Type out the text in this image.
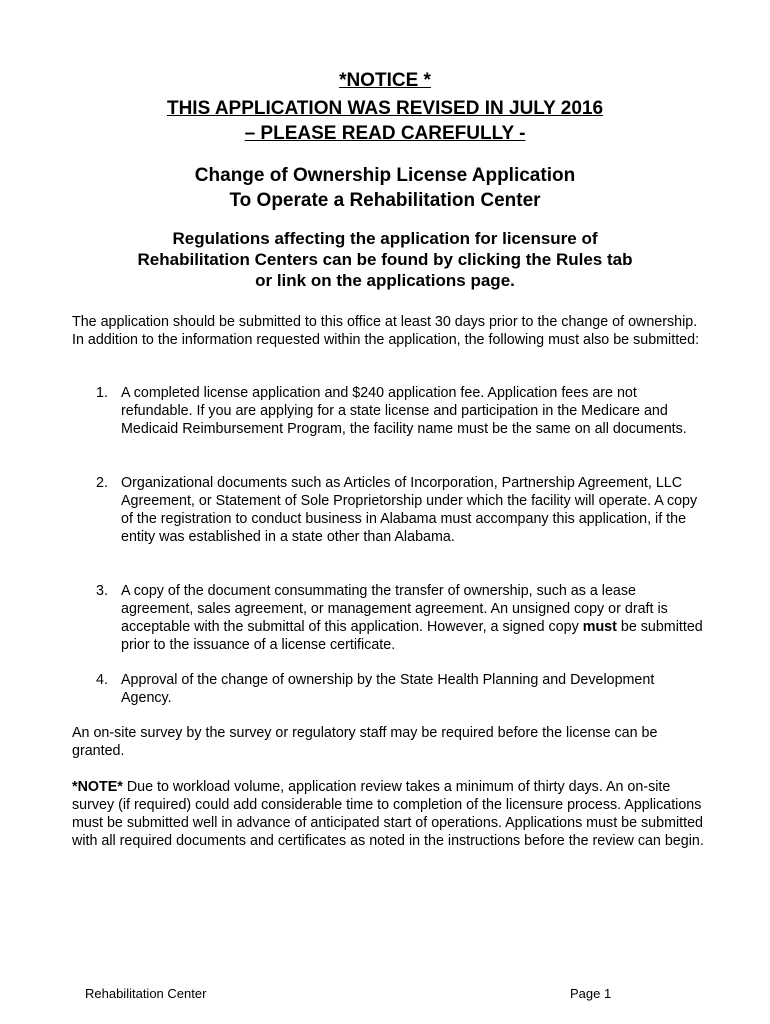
*NOTICE *
THIS APPLICATION WAS REVISED IN JULY 2016
– PLEASE READ CAREFULLY -
Change of Ownership License Application
To Operate a Rehabilitation Center
Regulations affecting the application for licensure of
Rehabilitation Centers can be found by clicking the Rules tab
or link on the applications page.
The application should be submitted to this office at least 30 days prior to the change of ownership. In addition to the information requested within the application, the following must also be submitted:
1. A completed license application and $240 application fee. Application fees are not refundable. If you are applying for a state license and participation in the Medicare and Medicaid Reimbursement Program, the facility name must be the same on all documents.
2. Organizational documents such as Articles of Incorporation, Partnership Agreement, LLC Agreement, or Statement of Sole Proprietorship under which the facility will operate. A copy of the registration to conduct business in Alabama must accompany this application, if the entity was established in a state other than Alabama.
3. A copy of the document consummating the transfer of ownership, such as a lease agreement, sales agreement, or management agreement. An unsigned copy or draft is acceptable with the submittal of this application. However, a signed copy must be submitted prior to the issuance of a license certificate.
4. Approval of the change of ownership by the State Health Planning and Development Agency.
An on-site survey by the survey or regulatory staff may be required before the license can be granted.
*NOTE* Due to workload volume, application review takes a minimum of thirty days. An on-site survey (if required) could add considerable time to completion of the licensure process. Applications must be submitted well in advance of anticipated start of operations. Applications must be submitted with all required documents and certificates as noted in the instructions before the review can begin.
Rehabilitation Center	Page 1
